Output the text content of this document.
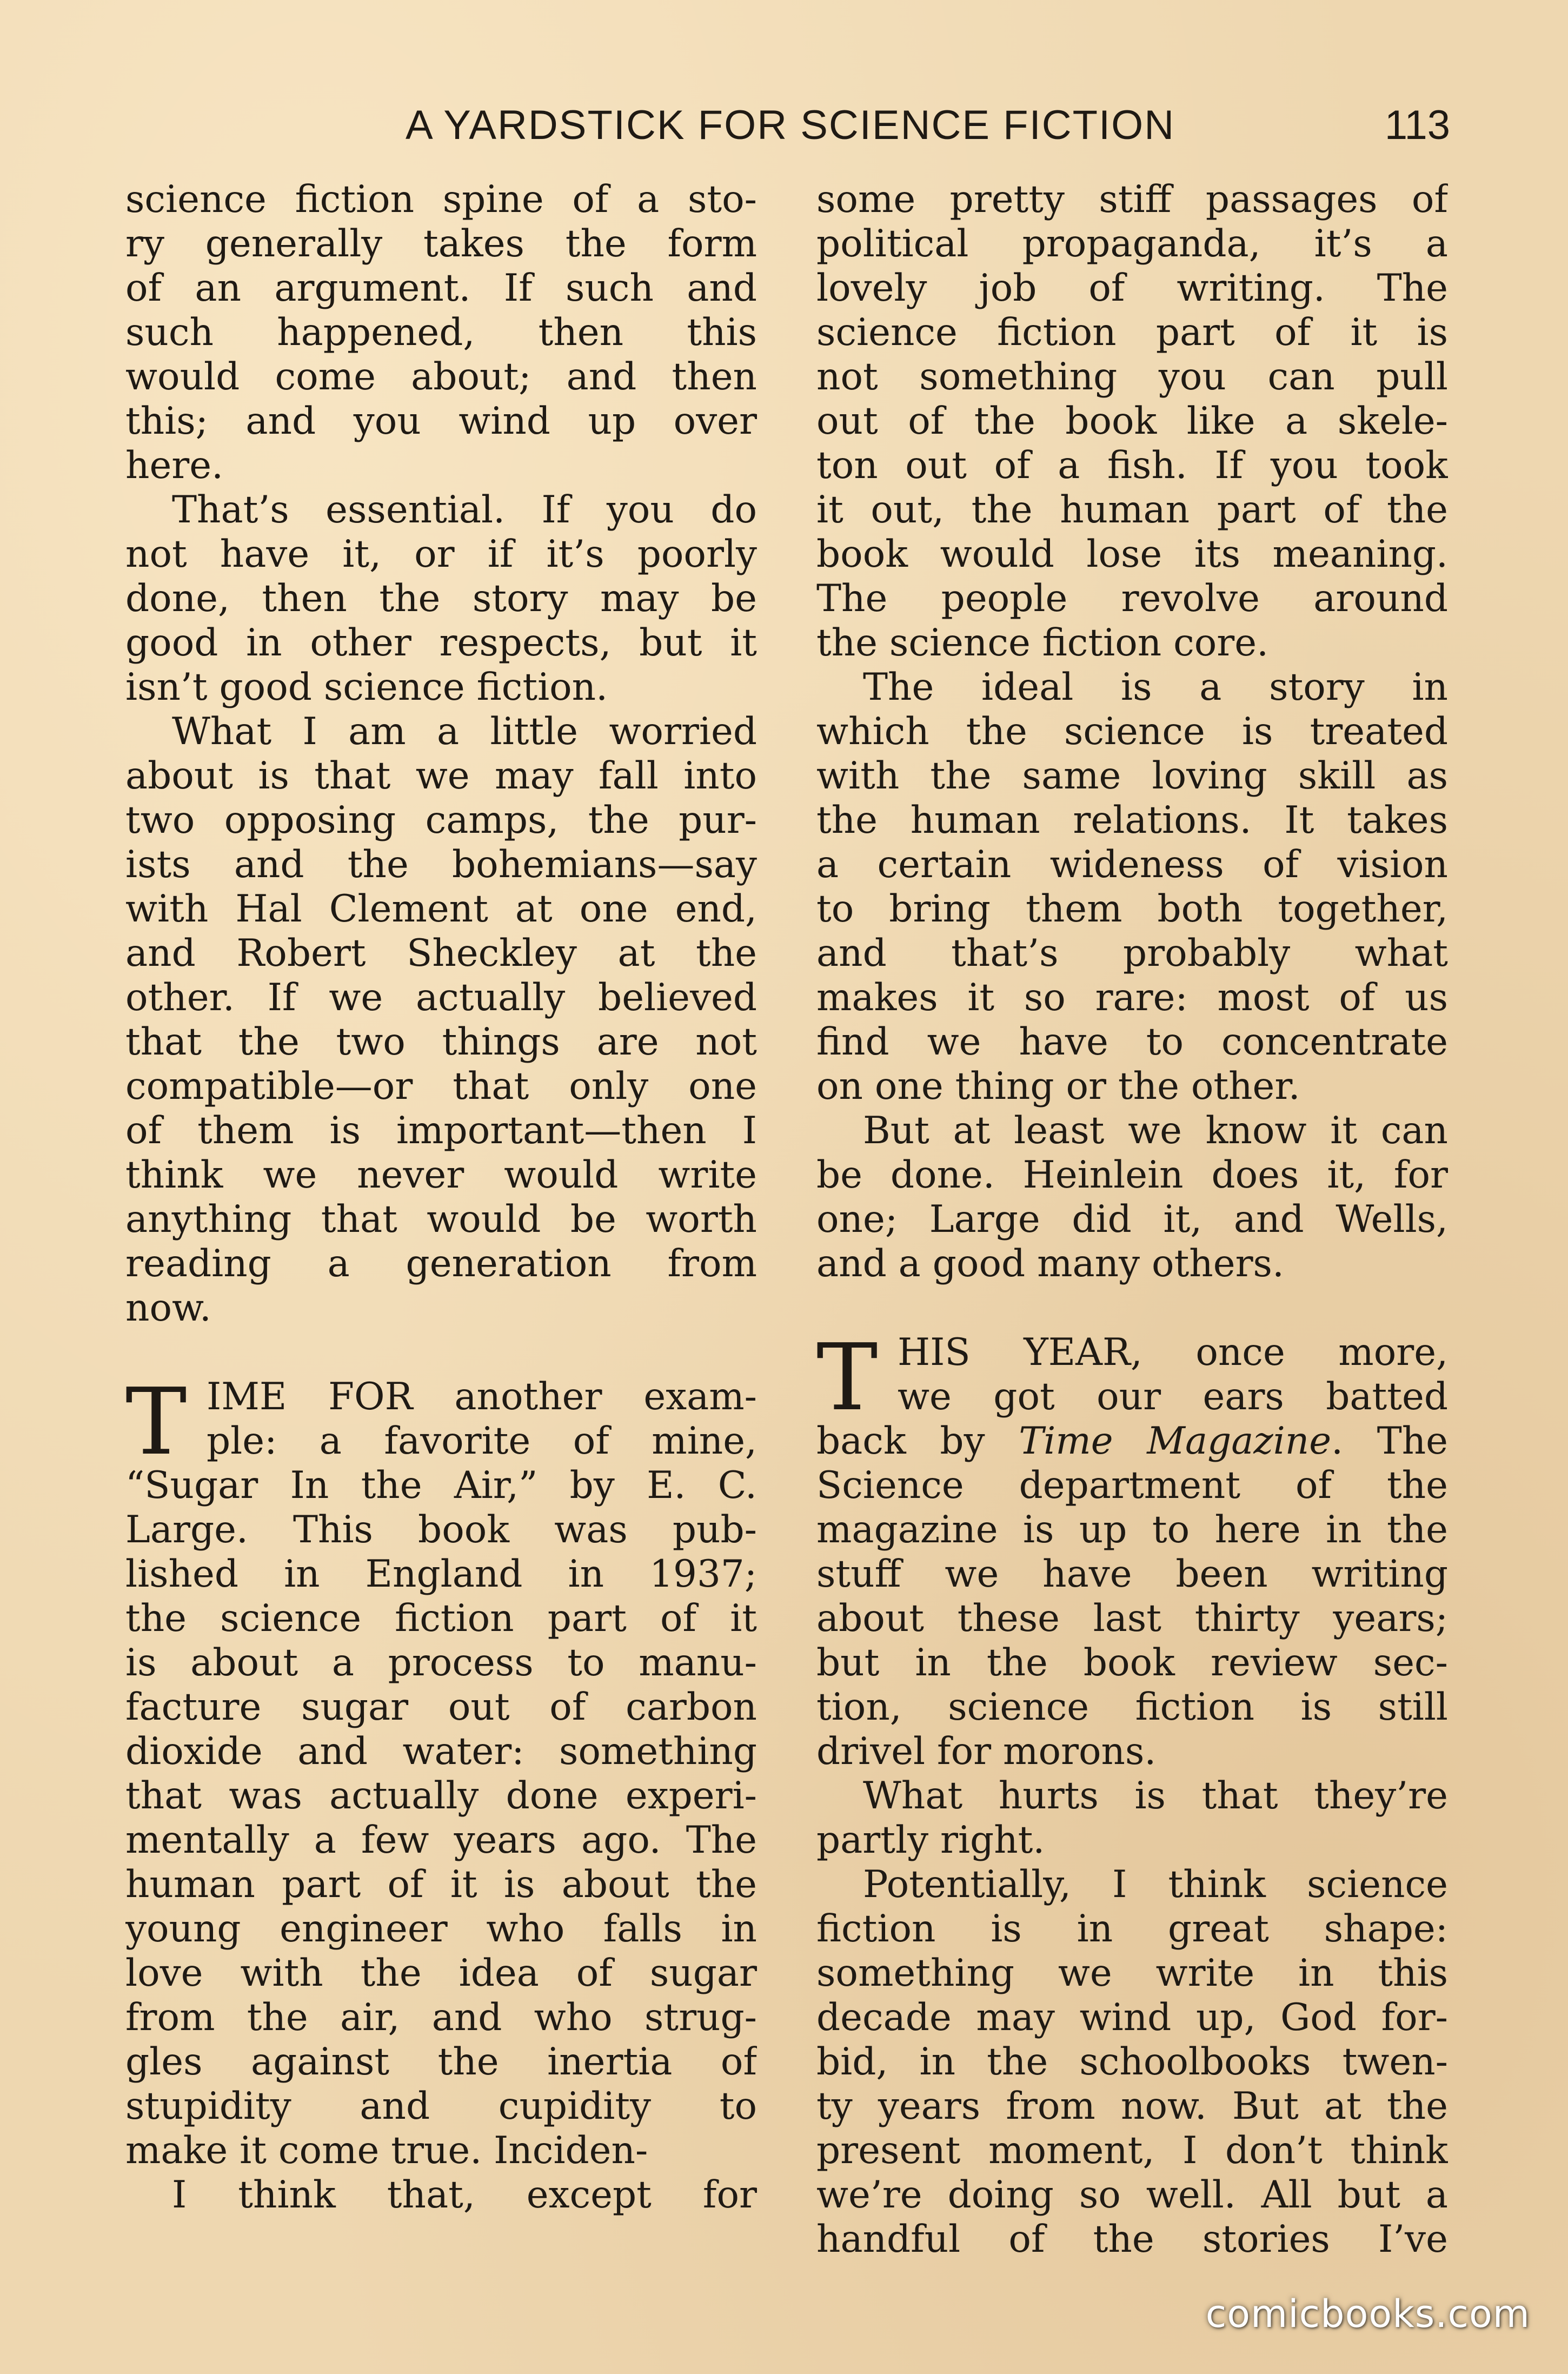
A YARDSTICK FOR SCIENCE FICTION	113
science fiction spine of a sto-
ry generally takes the form
of an argument. If such and
such happened, then this
would come about; and then
this; and you wind up over
here.
That’s essential. If you do
not have it, or if it’s poorly
done, then the story may be
good in other respects, but it
isn’t good science fiction.
What I am a little worried
about is that we may fall into
two opposing camps, the pur-
ists and the bohemians—say
with Hal Clement at one end,
and Robert Sheckley at the
other. If we actually believed
that the two things are not
compatible—or that only one
of them is important—then I
think we never would write
anything that would be worth
reading a generation from
now.
T IME FOR another exam-
ple: a favorite of mine,
“Sugar In the Air,” by E. C.
Large. This book was pub-
lished in England in 1937;
the science fiction part of it
is about a process to manu-
facture sugar out of carbon
dioxide and water: something
that was actually done experi-
mentally a few years ago. The
human part of it is about the
young engineer who falls in
love with the idea of sugar
from the air, and who strug-
gles against the inertia of
stupidity and cupidity to
make it come true. Inciden-
I think that, except for
some pretty stiff passages of
political propaganda, it’s a
lovely job of writing. The
science fiction part of it is
not something you can pull
out of the book like a skele-
ton out of a fish. If you took
it out, the human part of the
book would lose its meaning.
The people revolve around
the science fiction core.
The ideal is a story in
which the science is treated
with the same loving skill as
the human relations. It takes
a certain wideness of vision
to bring them both together,
and that’s probably what
makes it so rare: most of us
find we have to concentrate
on one thing or the other.
But at least we know it can
be done. Heinlein does it, for
one; Large did it, and Wells,
and a good many others.
T HIS YEAR, once more,
we got our ears batted
back by Time Magazine. The
Science department of the
magazine is up to here in the
stuff we have been writing
about these last thirty years;
but in the book review sec-
tion, science fiction is still
drivel for morons.
What hurts is that they’re
partly right.
Potentially, I think science
fiction is in great shape:
something we write in this
decade may wind up, God for-
bid, in the schoolbooks twen-
ty years from now. But at the
present moment, I don’t think
we’re doing so well. All but a
handful of the stories I’ve
comicbooks.com
